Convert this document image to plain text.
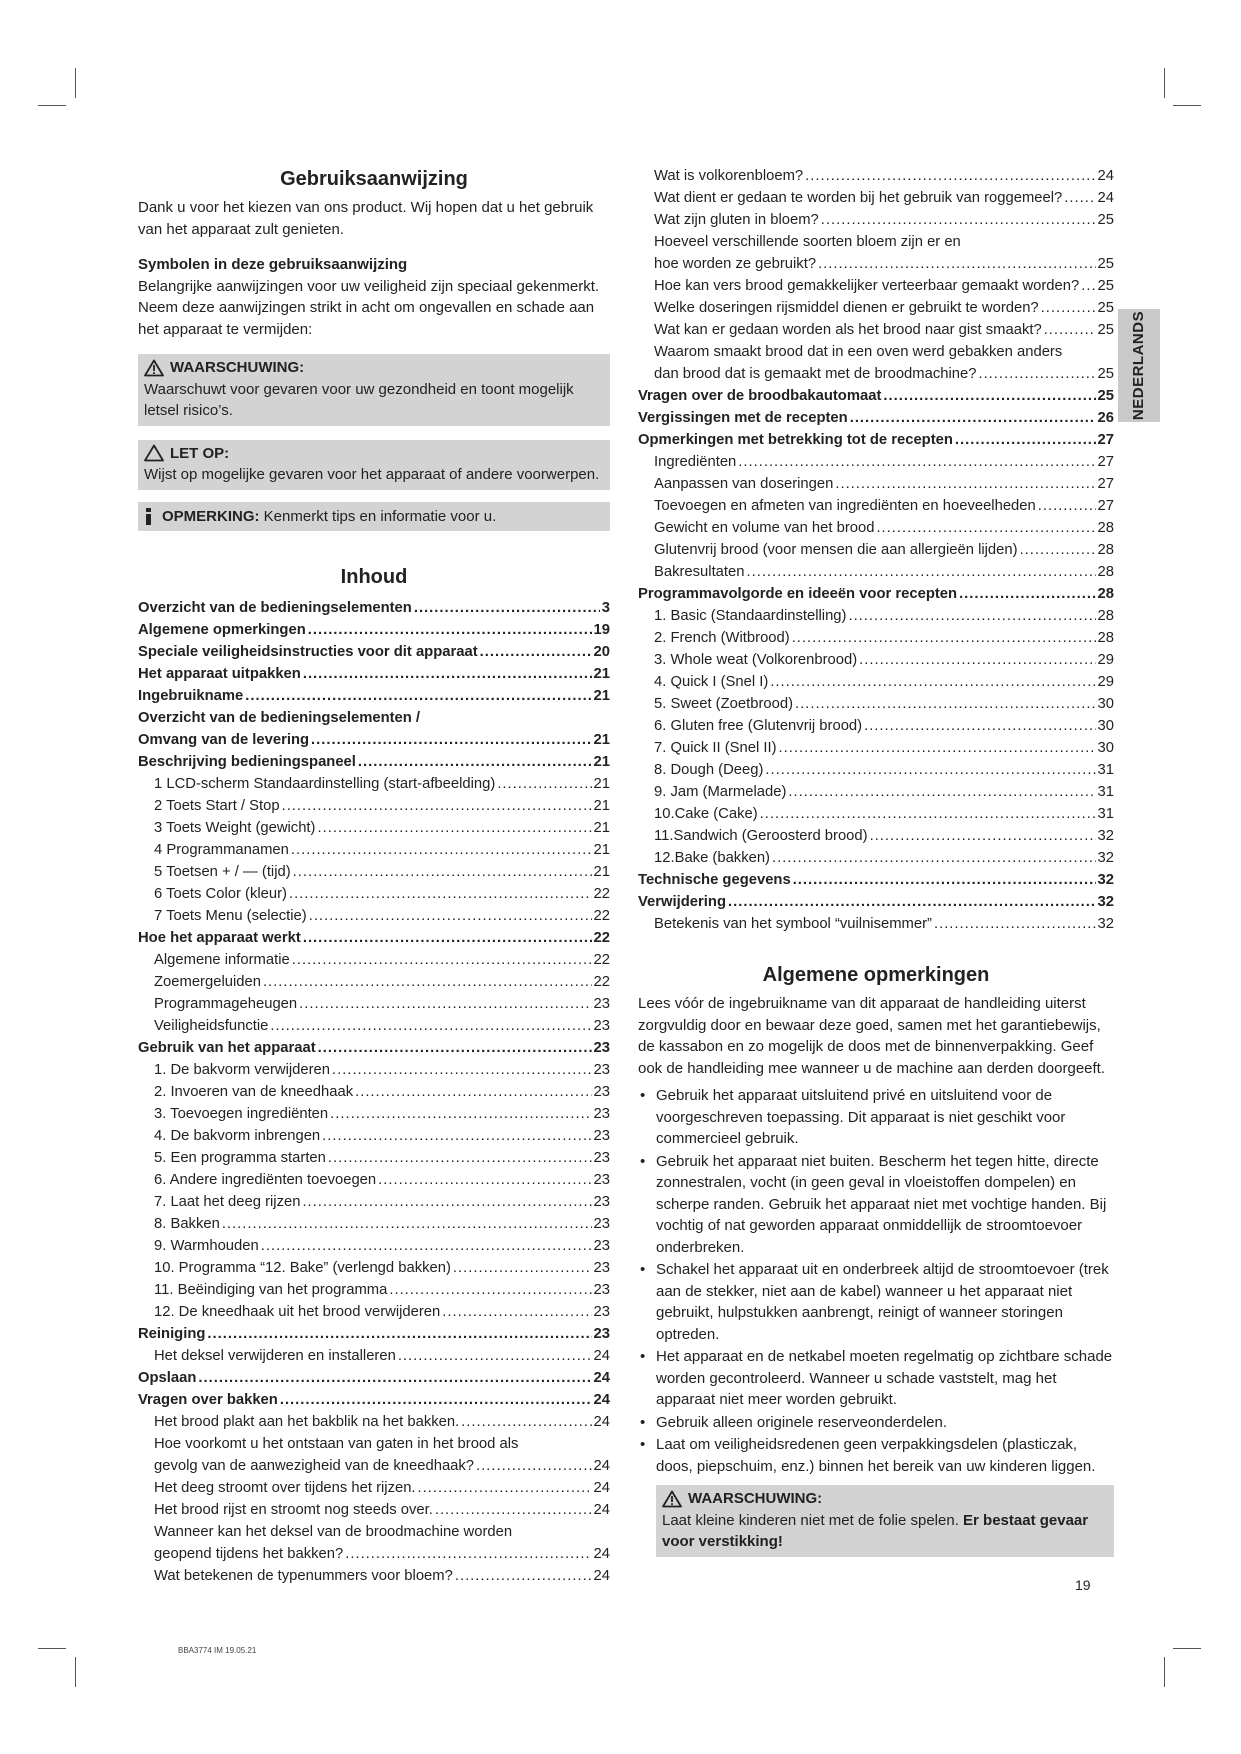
Gebruiksaanwijzing

Dank u voor het kiezen van ons product. Wij hopen dat u het gebruik van het apparaat zult genieten.

Symbolen in deze gebruiksaanwijzing

Belangrijke aanwijzingen voor uw veiligheid zijn speciaal gekenmerkt. Neem deze aanwijzingen strikt in acht om ongevallen en schade aan het apparaat te vermijden:

WAARSCHUWING:
Waarschuwt voor gevaren voor uw gezondheid en toont mogelijk letsel risico’s.
LET OP:
Wijst op mogelijke gevaren voor het apparaat of andere voorwerpen.
OPMERKING: Kenmerkt tips en informatie voor u.
Inhoud
Overzicht van de bedieningselementen .....	3
Algemene opmerkingen .....	19
Speciale veiligheidsinstructies voor dit apparaat .....	20
Het apparaat uitpakken .....	21
Ingebruikname .....	21
Overzicht van de bedieningselementen /
Omvang van de levering .....	21
Beschrijving bedieningspaneel .....	21
1 LCD-scherm Standaardinstelling (start-afbeelding) .....	21
2 Toets Start / Stop .....	21
3 Toets Weight (gewicht) .....	21
4 Programmanamen .....	21
5 Toetsen + / — (tijd) .....	21
6 Toets Color (kleur) .....	22
7 Toets Menu (selectie) .....	22
Hoe het apparaat werkt .....	22
Algemene informatie .....	22
Zoemergeluiden .....	22
Programmageheugen .....	23
Veiligheidsfunctie .....	23
Gebruik van het apparaat .....	23
1. De bakvorm verwijderen .....	23
2. Invoeren van de kneedhaak .....	23
3. Toevoegen ingrediënten .....	23
4. De bakvorm inbrengen .....	23
5. Een programma starten .....	23
6. Andere ingrediënten toevoegen .....	23
7. Laat het deeg rijzen .....	23
8. Bakken .....	23
9. Warmhouden .....	23
10. Programma “12. Bake” (verlengd bakken) .....	23
11. Beëindiging van het programma .....	23
12. De kneedhaak uit het brood verwijderen .....	23
Reiniging .....	23
Het deksel verwijderen en installeren .....	24
Opslaan .....	24
Vragen over bakken .....	24
Het brood plakt aan het bakblik na het bakken. .....	24
Hoe voorkomt u het ontstaan van gaten in het brood als
gevolg van de aanwezigheid van de kneedhaak? .....	24
Het deeg stroomt over tijdens het rijzen. .....	24
Het brood rijst en stroomt nog steeds over. .....	24
Wanneer kan het deksel van de broodmachine worden
geopend tijdens het bakken? .....	24
Wat betekenen de typenummers voor bloem? .....	24
Wat is volkorenbloem? .....	24
Wat dient er gedaan te worden bij het gebruik van roggemeel? ..... 24
Wat zijn gluten in bloem? .....	25
Hoeveel verschillende soorten bloem zijn er en
hoe worden ze gebruikt? .....	25
Hoe kan vers brood gemakkelijker verteerbaar gemaakt worden? ..... 25
Welke doseringen rijsmiddel dienen er gebruikt te worden? .....	25
Wat kan er gedaan worden als het brood naar gist smaakt? .....	25
Waarom smaakt brood dat in een oven werd gebakken anders
dan brood dat is gemaakt met de broodmachine? .....	25
Vragen over de broodbakautomaat .....	25
Vergissingen met de recepten .....	26
Opmerkingen met betrekking tot de recepten .....	27
Ingrediënten .....	27
Aanpassen van doseringen .....	27
Toevoegen en afmeten van ingrediënten en hoeveelheden .....	27
Gewicht en volume van het brood .....	28
Glutenvrij brood (voor mensen die aan allergieën lijden) .....	28
Bakresultaten .....	28
Programmavolgorde en ideeën voor recepten .....	28
1. Basic (Standaardinstelling) .....	28
2. French (Witbrood) .....	28
3. Whole weat (Volkorenbrood) .....	29
4. Quick I (Snel I) .....	29
5. Sweet (Zoetbrood) .....	30
6. Gluten free (Glutenvrij brood) .....	30
7. Quick II (Snel II) .....	30
8. Dough (Deeg) .....	31
9. Jam (Marmelade) .....	31
10.Cake (Cake) .....	31
11.Sandwich (Geroosterd brood) .....	32
12.Bake (bakken) .....	32
Technische gegevens .....	32
Verwijdering .....	32
Betekenis van het symbool “vuilnisemmer” .....	32
Algemene opmerkingen

Lees vóór de ingebruikname van dit apparaat de handleiding uiterst zorgvuldig door en bewaar deze goed, samen met het garantiebewijs, de kassabon en zo mogelijk de doos met de binnenverpakking. Geef ook de handleiding mee wanneer u de machine aan derden doorgeeft.

• Gebruik het apparaat uitsluitend privé en uitsluitend voor de voorgeschreven toepassing. Dit apparaat is niet geschikt voor commercieel gebruik.
• Gebruik het apparaat niet buiten. Bescherm het tegen hitte, directe zonnestralen, vocht (in geen geval in vloeistoffen dompelen) en scherpe randen. Gebruik het apparaat niet met vochtige handen. Bij vochtig of nat geworden apparaat onmiddellijk de stroomtoevoer onderbreken.
• Schakel het apparaat uit en onderbreek altijd de stroomtoevoer (trek aan de stekker, niet aan de kabel) wanneer u het apparaat niet gebruikt, hulpstukken aanbrengt, reinigt of wanneer storingen optreden.
• Het apparaat en de netkabel moeten regelmatig op zichtbare schade worden gecontroleerd. Wanneer u schade vaststelt, mag het apparaat niet meer worden gebruikt.
• Gebruik alleen originele reserveonderdelen.
• Laat om veiligheidsredenen geen verpakkingsdelen (plasticzak, doos, piepschuim, enz.) binnen het bereik van uw kinderen liggen.
WAARSCHUWING:
Laat kleine kinderen niet met de folie spelen. Er bestaat gevaar voor verstikking!
NEDERLANDS
19
BBA3774 IM 19.05.21
